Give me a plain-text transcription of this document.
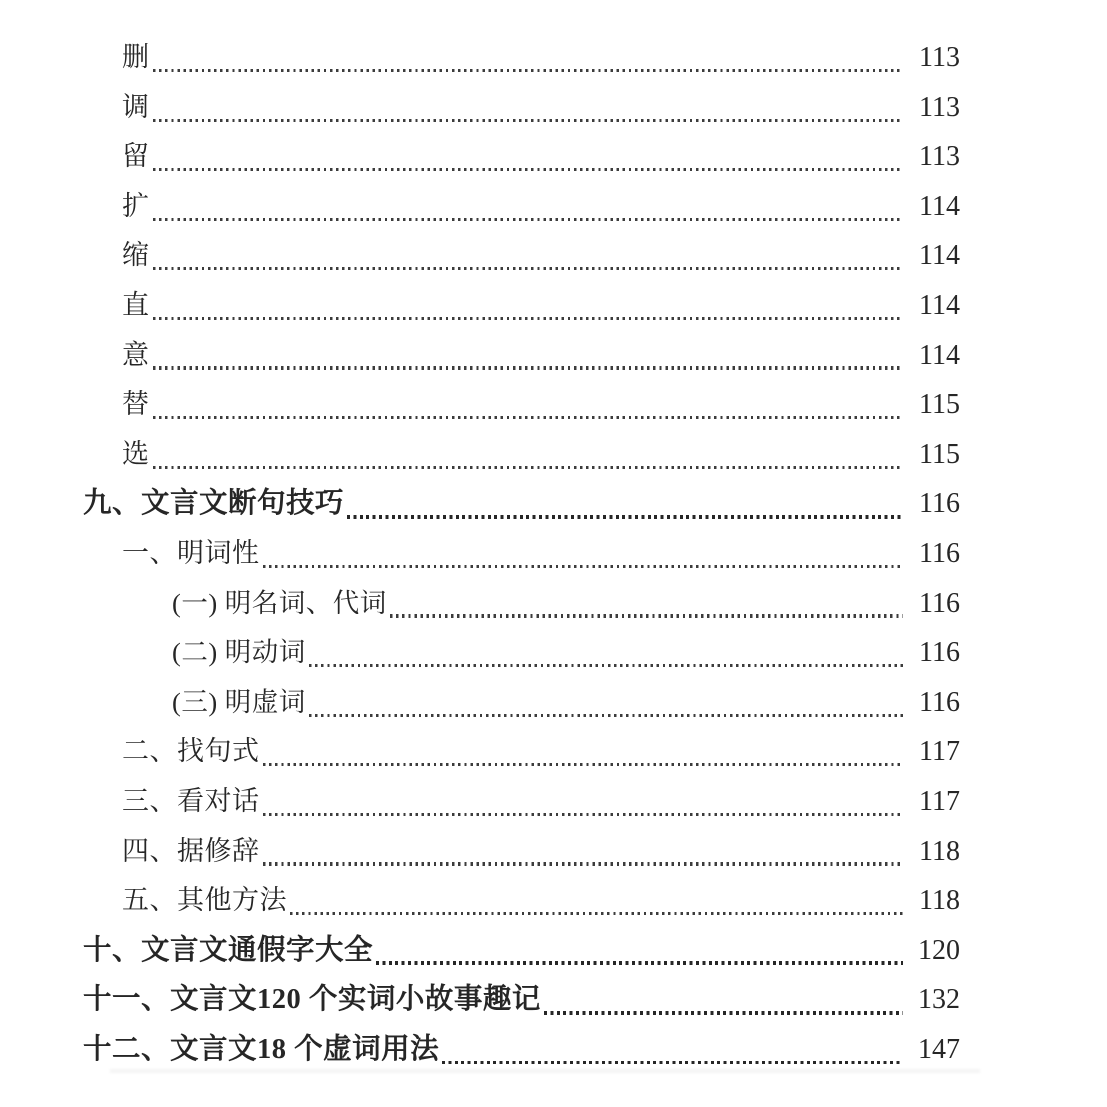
删	113
调	113
留	113
扩	114
缩	114
直	114
意	114
替	115
选	115
九、文言文断句技巧	116
一、明词性	116
(一) 明名词、代词	116
(二) 明动词	116
(三) 明虚词	116
二、找句式	117
三、看对话	117
四、据修辞	118
五、其他方法	118
十、文言文通假字大全	120
十一、文言文120 个实词小故事趣记	132
十二、文言文18 个虚词用法	147
